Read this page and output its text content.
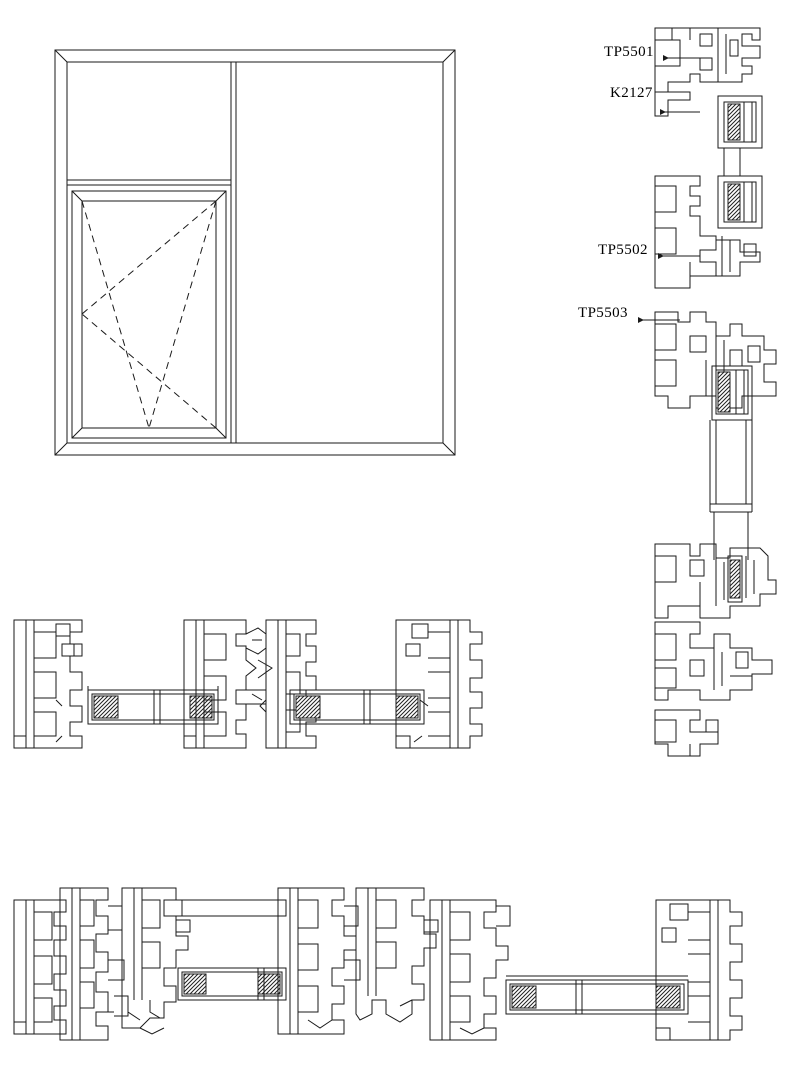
TP5501
K2127
TP5502
TP5503
